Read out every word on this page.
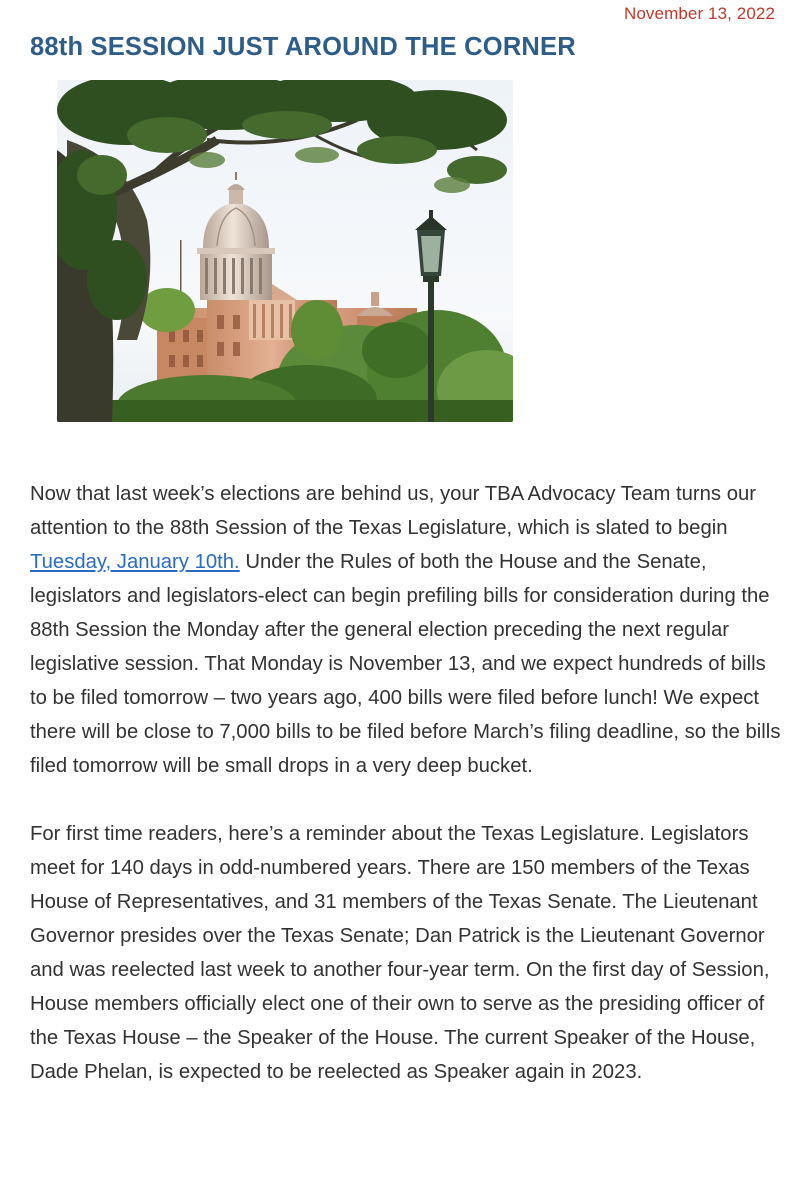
November 13, 2022
88th SESSION JUST AROUND THE CORNER

Now that last week’s elections are behind us, your TBA Advocacy Team turns our attention to the 88th Session of the Texas Legislature, which is slated to begin Tuesday, January 10th. Under the Rules of both the House and the Senate, legislators and legislators-elect can begin prefiling bills for consideration during the 88th Session the Monday after the general election preceding the next regular legislative session. That Monday is November 13, and we expect hundreds of bills to be filed tomorrow – two years ago, 400 bills were filed before lunch! We expect there will be close to 7,000 bills to be filed before March’s filing deadline, so the bills filed tomorrow will be small drops in a very deep bucket.

For first time readers, here’s a reminder about the Texas Legislature. Legislators meet for 140 days in odd-numbered years. There are 150 members of the Texas House of Representatives, and 31 members of the Texas Senate. The Lieutenant Governor presides over the Texas Senate; Dan Patrick is the Lieutenant Governor and was reelected last week to another four-year term. On the first day of Session, House members officially elect one of their own to serve as the presiding officer of the Texas House – the Speaker of the House. The current Speaker of the House, Dade Phelan, is expected to be reelected as Speaker again in 2023.
